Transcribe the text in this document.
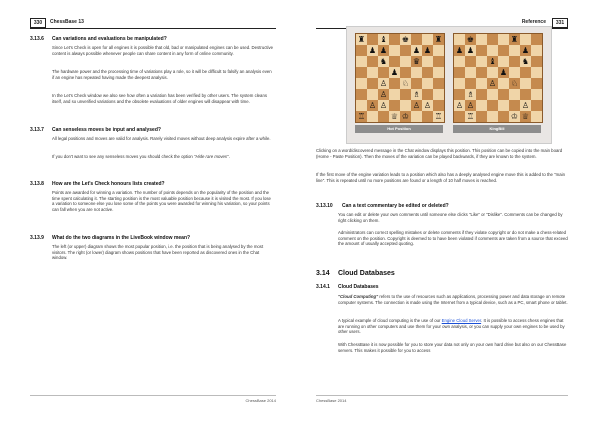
330	ChessBase 13
3.13.6 Can variations and evaluations be manipulated?
Since Let's Check is open for all engines it is possible that old, bad or manipulated engines can be used. Destructive content is always possible whenever people can share content in any form of online community.
The hardware power and the processing time of variations play a role, so it will be difficult to falsify an analysis even if an engine has repeated having made the deepest analysis.
In the Let's Check window we also see how often a variation has been verified by other users. The system cleans itself, and so unverified variations and the obsolete evaluations of older engines will disappear with time.
3.13.7 Can senseless moves be input and analysed?
All legal positions and moves are valid for analysis. Rarely visited moves without deep analysis expire after a while.
If you don't want to see any senseless moves you should check the option "Hide rare moves".
3.13.8 How are the Let's Check honours lists created?
Points are awarded for winning a variation. The number of points depends on the popularity of the position and the time spent calculating it. The starting position is the most valuable position because it is visited the most. If you lose a variation to someone else you lose some of the points you were awarded for winning his variation, so your points can fall when you are not active.
3.13.9 What do the two diagrams in the LiveBook window mean?
The left (or upper) diagram shows the most popular position, i.e. the position that is being analysed by the most visitors. The right (or lower) diagram shows positions that have been reported as discovered ones in the Chat window.
ChessBase 2014
Reference	331
♜ ♝ ♚	♜
♟ ♟	♟ ♟
♞	♛
♟
♙ ♘
♙	♗
♙ ♙	♙ ♙
♖	♕ ♔	♖
♚	♜
♟ ♟	♟
♝	♞
♟
♙ ♘
♗
♙ ♙	♙
♖	♔ ♕
Hot Position	KingBill
Clicking on a word/discovered message in the Chat window displays this position. This position can be copied into the main board (Home - Paste Position). Then the moves of the variation can be played backwards, if they are known to the system.
If the first move of the engine variation leads to a position which also has a deeply analysed engine move this is added to the "main line". This is repeated until no more positions are found or a length of 10 half moves is reached.
3.13.10 Can a text commentary be edited or deleted?
You can edit or delete your own comments until someone else clicks "Like" or "Dislike". Comments can be changed by right clicking on them.
Administrators can correct spelling mistakes or delete comments if they violate copyright or do not make a chess-related comment on the position. Copyright is deemed to to have been violated if comments are taken from a source that exceed the amount of usually accepted quoting.
3.14 Cloud Databases
3.14.1 Cloud Databases
"Cloud Computing" refers to the use of resources such as applications, processing power and data storage on remote computer systems. The connection is made using the Internet from a typical device, such as a PC, smart phone or tablet.
A typical example of cloud computing is the use of our Engine Cloud Server. It is possible to access chess engines that are running on other computers and use them for your own analysis, or you can supply your own engines to be used by other users.
With ChessBase it is now possible for you to store your data not only on your own hard drive but also on our ChessBase servers. This makes it possible for you to access
ChessBase 2014
